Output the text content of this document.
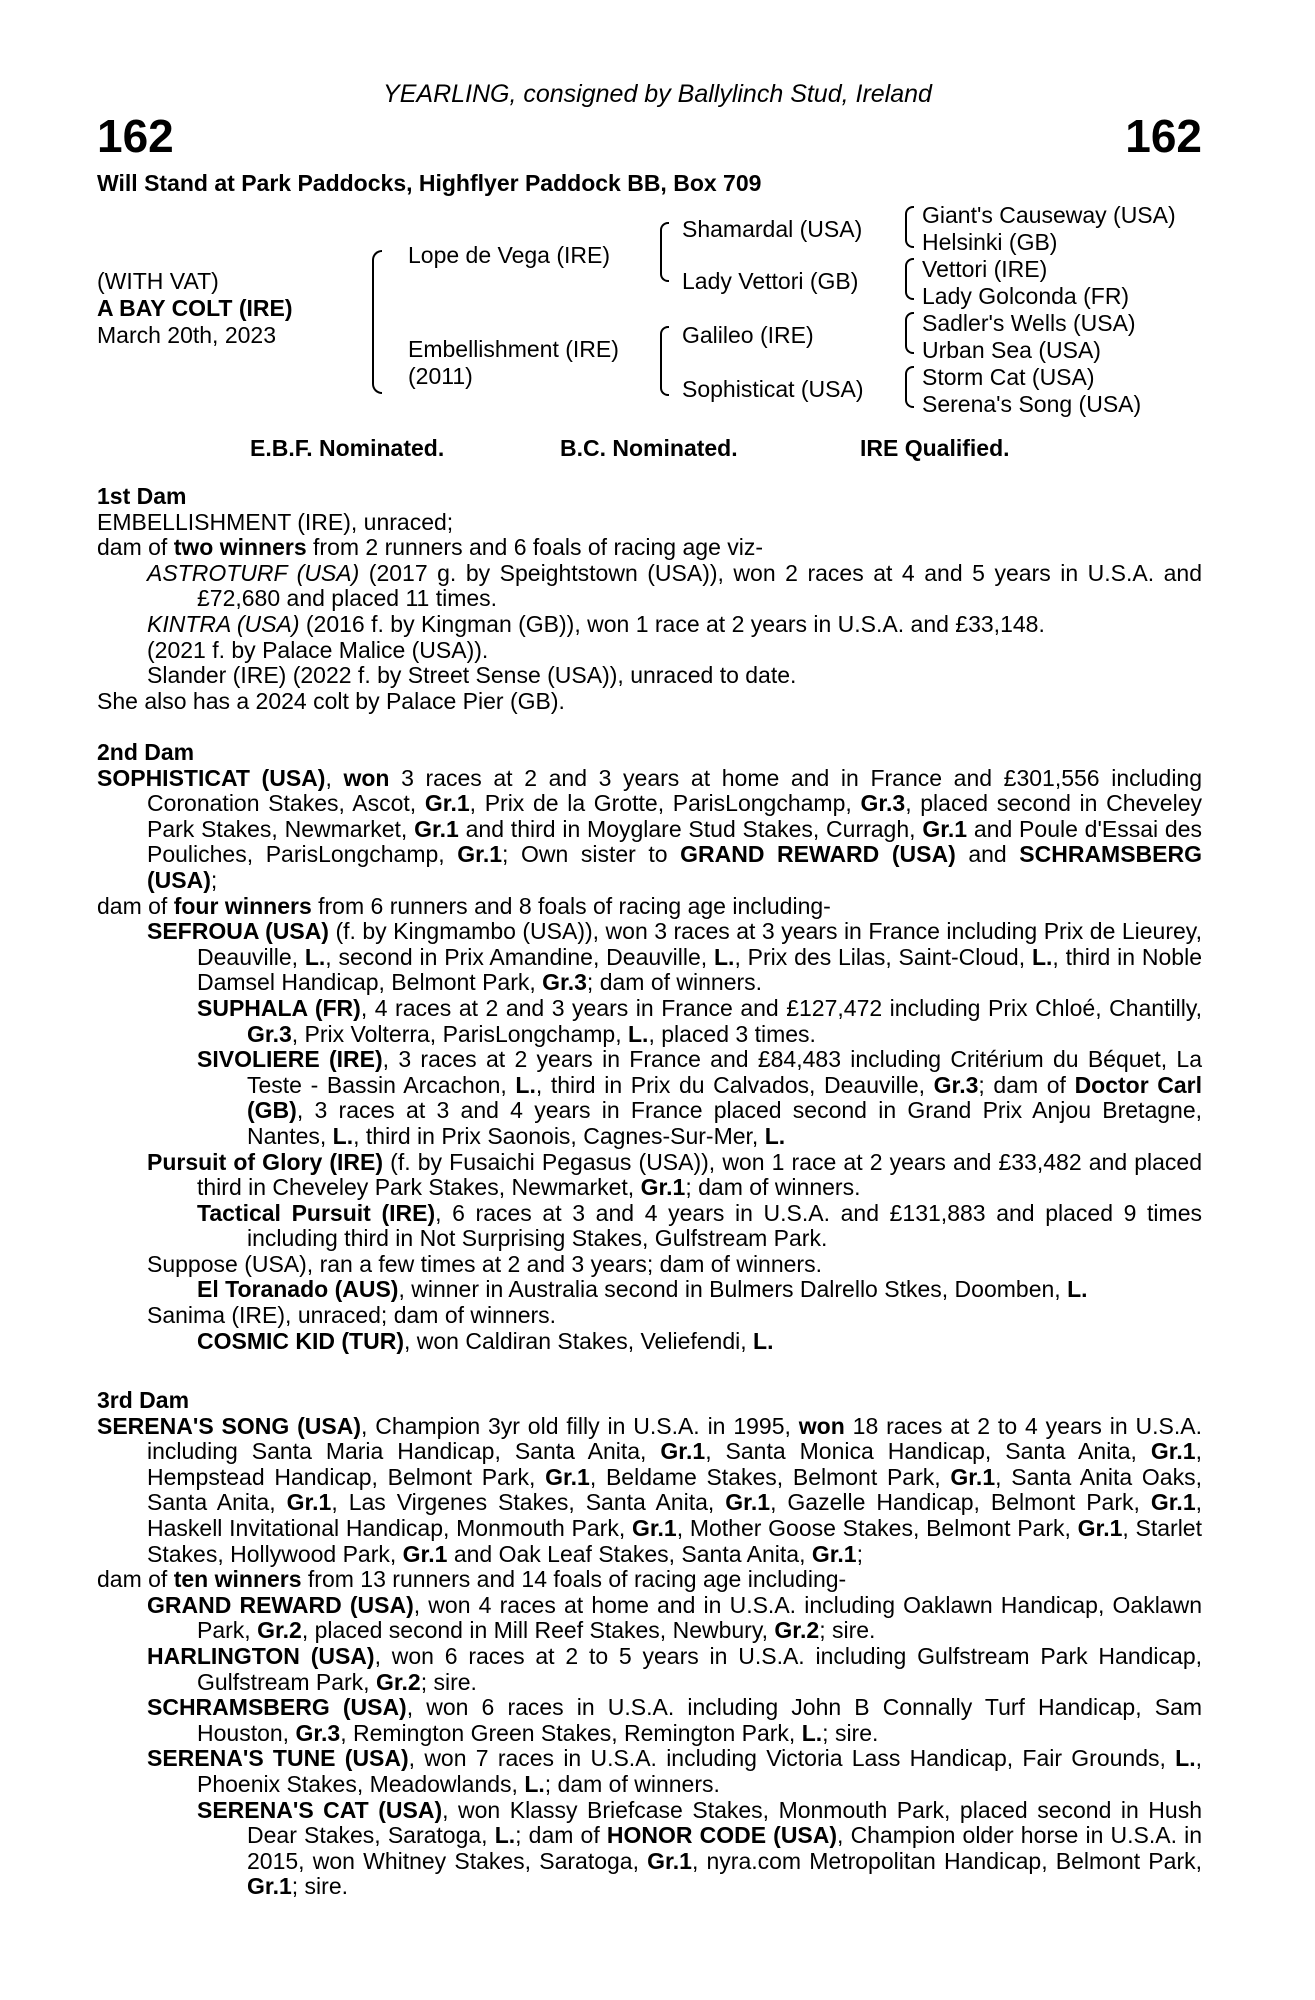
YEARLING, consigned by Ballylinch Stud, Ireland
162	162
Will Stand at Park Paddocks, Highflyer Paddock BB, Box 709
(WITH VAT)
A BAY COLT (IRE)
March 20th, 2023
Lope de Vega (IRE)
Embellishment (IRE)
(2011)
Shamardal (USA)
Lady Vettori (GB)
Galileo (IRE)
Sophisticat (USA)
Giant's Causeway (USA)
Helsinki (GB)
Vettori (IRE)
Lady Golconda (FR)
Sadler's Wells (USA)
Urban Sea (USA)
Storm Cat (USA)
Serena's Song (USA)
E.B.F. Nominated.	B.C. Nominated.	IRE Qualified.
1st Dam
EMBELLISHMENT (IRE), unraced;
dam of two winners from 2 runners and 6 foals of racing age viz-
ASTROTURF (USA) (2017 g. by Speightstown (USA)), won 2 races at 4 and 5 years in U.S.A. and £72,680 and placed 11 times.
KINTRA (USA) (2016 f. by Kingman (GB)), won 1 race at 2 years in U.S.A. and £33,148.
(2021 f. by Palace Malice (USA)).
Slander (IRE) (2022 f. by Street Sense (USA)), unraced to date.
She also has a 2024 colt by Palace Pier (GB).
2nd Dam
SOPHISTICAT (USA), won 3 races at 2 and 3 years at home and in France and £301,556 including Coronation Stakes, Ascot, Gr.1, Prix de la Grotte, ParisLongchamp, Gr.3, placed second in Cheveley Park Stakes, Newmarket, Gr.1 and third in Moyglare Stud Stakes, Curragh, Gr.1 and Poule d'Essai des Pouliches, ParisLongchamp, Gr.1; Own sister to GRAND REWARD (USA) and SCHRAMSBERG (USA);
dam of four winners from 6 runners and 8 foals of racing age including-
SEFROUA (USA) (f. by Kingmambo (USA)), won 3 races at 3 years in France including Prix de Lieurey, Deauville, L., second in Prix Amandine, Deauville, L., Prix des Lilas, Saint-Cloud, L., third in Noble Damsel Handicap, Belmont Park, Gr.3; dam of winners.
SUPHALA (FR), 4 races at 2 and 3 years in France and £127,472 including Prix Chloé, Chantilly, Gr.3, Prix Volterra, ParisLongchamp, L., placed 3 times.
SIVOLIERE (IRE), 3 races at 2 years in France and £84,483 including Critérium du Béquet, La Teste - Bassin Arcachon, L., third in Prix du Calvados, Deauville, Gr.3; dam of Doctor Carl (GB), 3 races at 3 and 4 years in France placed second in Grand Prix Anjou Bretagne, Nantes, L., third in Prix Saonois, Cagnes-Sur-Mer, L.
Pursuit of Glory (IRE) (f. by Fusaichi Pegasus (USA)), won 1 race at 2 years and £33,482 and placed third in Cheveley Park Stakes, Newmarket, Gr.1; dam of winners.
Tactical Pursuit (IRE), 6 races at 3 and 4 years in U.S.A. and £131,883 and placed 9 times including third in Not Surprising Stakes, Gulfstream Park.
Suppose (USA), ran a few times at 2 and 3 years; dam of winners.
El Toranado (AUS), winner in Australia second in Bulmers Dalrello Stkes, Doomben, L.
Sanima (IRE), unraced; dam of winners.
COSMIC KID (TUR), won Caldiran Stakes, Veliefendi, L.
3rd Dam
SERENA'S SONG (USA), Champion 3yr old filly in U.S.A. in 1995, won 18 races at 2 to 4 years in U.S.A. including Santa Maria Handicap, Santa Anita, Gr.1, Santa Monica Handicap, Santa Anita, Gr.1, Hempstead Handicap, Belmont Park, Gr.1, Beldame Stakes, Belmont Park, Gr.1, Santa Anita Oaks, Santa Anita, Gr.1, Las Virgenes Stakes, Santa Anita, Gr.1, Gazelle Handicap, Belmont Park, Gr.1, Haskell Invitational Handicap, Monmouth Park, Gr.1, Mother Goose Stakes, Belmont Park, Gr.1, Starlet Stakes, Hollywood Park, Gr.1 and Oak Leaf Stakes, Santa Anita, Gr.1;
dam of ten winners from 13 runners and 14 foals of racing age including-
GRAND REWARD (USA), won 4 races at home and in U.S.A. including Oaklawn Handicap, Oaklawn Park, Gr.2, placed second in Mill Reef Stakes, Newbury, Gr.2; sire.
HARLINGTON (USA), won 6 races at 2 to 5 years in U.S.A. including Gulfstream Park Handicap, Gulfstream Park, Gr.2; sire.
SCHRAMSBERG (USA), won 6 races in U.S.A. including John B Connally Turf Handicap, Sam Houston, Gr.3, Remington Green Stakes, Remington Park, L.; sire.
SERENA'S TUNE (USA), won 7 races in U.S.A. including Victoria Lass Handicap, Fair Grounds, L., Phoenix Stakes, Meadowlands, L.; dam of winners.
SERENA'S CAT (USA), won Klassy Briefcase Stakes, Monmouth Park, placed second in Hush Dear Stakes, Saratoga, L.; dam of HONOR CODE (USA), Champion older horse in U.S.A. in 2015, won Whitney Stakes, Saratoga, Gr.1, nyra.com Metropolitan Handicap, Belmont Park, Gr.1; sire.
